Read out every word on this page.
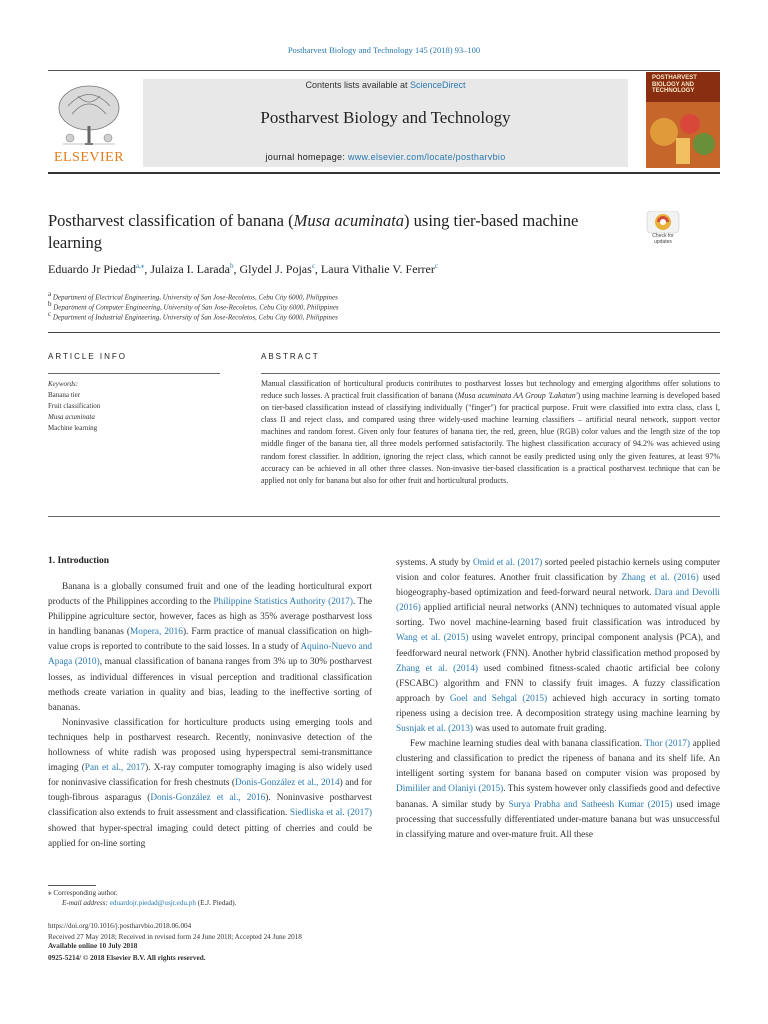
Postharvest Biology and Technology 145 (2018) 93–100
ELSEVIER
Contents lists available at ScienceDirect
Postharvest Biology and Technology
journal homepage: www.elsevier.com/locate/postharvbio
POSTHARVEST BIOLOGY AND TECHNOLOGY
Postharvest classification of banana (Musa acuminata) using tier-based machine learning	Check for updates
Eduardo Jr Piedad$^{a,⁎}$, Julaiza I. Larada$^b$, Glydel J. Pojas$^c$, Laura Vithalie V. Ferrer$^c$
a Department of Electrical Engineering, University of San Jose-Recoletos, Cebu City 6000, Philippines
b Department of Computer Engineering, University of San Jose-Recoletos, Cebu City 6000, Philippines
c Department of Industrial Engineering, University of San Jose-Recoletos, Cebu City 6000, Philippines
ARTICLE INFO
Keywords:
Banana tier
Fruit classification
Musa acuminata
Machine learning
ABSTRACT
Manual classification of horticultural products contributes to postharvest losses but technology and emerging algorithms offer solutions to reduce such losses. A practical fruit classification of banana (Musa acuminata AA Group 'Lakatan') using machine learning is developed based on tier-based classification instead of classifying individually ("finger") for practical purpose. Fruit were classified into extra class, class I, class II and reject class, and compared using three widely-used machine learning classifiers – artificial neural network, support vector machines and random forest. Given only four features of banana tier, the red, green, blue (RGB) color values and the length size of the top middle finger of the banana tier, all three models performed satisfactorily. The highest classification accuracy of 94.2% was achieved using random forest classifier. In addition, ignoring the reject class, which cannot be easily predicted using only the given features, at least 97% accuracy can be achieved in all other three classes. Non-invasive tier-based classification is a practical postharvest technique that can be applied not only for banana but also for other fruit and horticultural products.
1. Introduction

Banana is a globally consumed fruit and one of the leading horticultural export products of the Philippines according to the Philippine Statistics Authority (2017). The Philippine agriculture sector, however, faces as high as 35% average postharvest loss in handling bananas (Mopera, 2016). Farm practice of manual classification on high-value crops is reported to contribute to the said losses. In a study of Aquino-Nuevo and Apaga (2010), manual classification of banana ranges from 3% up to 30% postharvest losses, as individual differences in visual perception and traditional classification methods create variation in quality and bias, leading to the ineffective sorting of bananas.

Noninvasive classification for horticulture products using emerging tools and techniques help in postharvest research. Recently, noninvasive detection of the hollowness of white radish was proposed using hyperspectral semi-transmittance imaging (Pan et al., 2017). X-ray computer tomography imaging is also widely used for noninvasive classification for fresh chestnuts (Donis-González et al., 2014) and for tough-fibrous asparagus (Donis-González et al., 2016). Noninvasive postharvest classification also extends to fruit assessment and classification. Siedliska et al. (2017) showed that hyper-spectral imaging could detect pitting of cherries and could be applied for on-line sorting

systems. A study by Omid et al. (2017) sorted peeled pistachio kernels using computer vision and color features. Another fruit classification by Zhang et al. (2016) used biogeography-based optimization and feed-forward neural network. Dara and Devolli (2016) applied artificial neural networks (ANN) techniques to automated visual apple sorting. Two novel machine-learning based fruit classification was introduced by Wang et al. (2015) using wavelet entropy, principal component analysis (PCA), and feedforward neural network (FNN). Another hybrid classification method proposed by Zhang et al. (2014) used combined fitness-scaled chaotic artificial bee colony (FSCABC) algorithm and FNN to classify fruit images. A fuzzy classification approach by Goel and Sehgal (2015) achieved high accuracy in sorting tomato ripeness using a decision tree. A decomposition strategy using machine learning by Susnjak et al. (2013) was used to automate fruit grading.

Few machine learning studies deal with banana classification. Thor (2017) applied clustering and classification to predict the ripeness of banana and its shelf life. An intelligent sorting system for banana based on computer vision was proposed by Dimililer and Olaniyi (2015). This system however only classifieds good and defective bananas. A similar study by Surya Prabha and Satheesh Kumar (2015) used image processing that successfully differentiated under-mature banana but was unsuccessful in classifying mature and over-mature fruit. All these

⁎ Corresponding author.
E-mail address: eduardojr.piedad@usjr.edu.ph (E.J. Piedad).
https://doi.org/10.1016/j.postharvbio.2018.06.004
Received 27 May 2018; Received in revised form 24 June 2018; Accepted 24 June 2018
Available online 10 July 2018
0925-5214/ © 2018 Elsevier B.V. All rights reserved.
